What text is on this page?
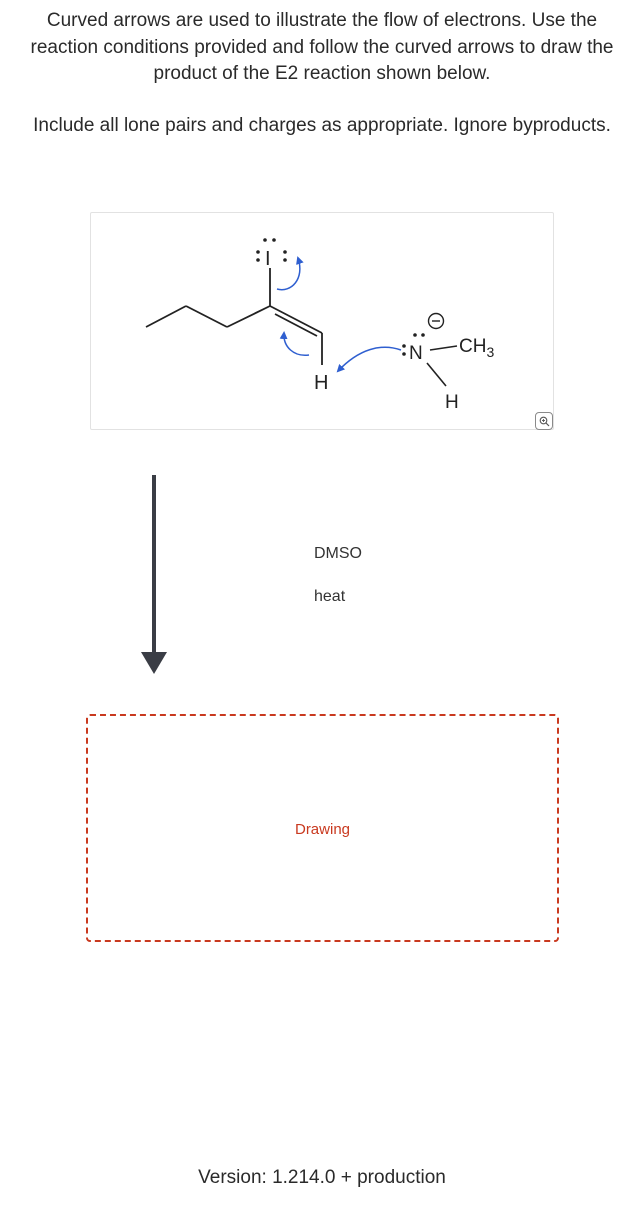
Curved arrows are used to illustrate the flow of electrons. Use the
reaction conditions provided and follow the curved arrows to draw the
product of the E2 reaction shown below.
Include all lone pairs and charges as appropriate. Ignore byproducts.
I
H
N $CH_3$
H
DMSO
heat
Drawing
Version: 1.214.0 + production
